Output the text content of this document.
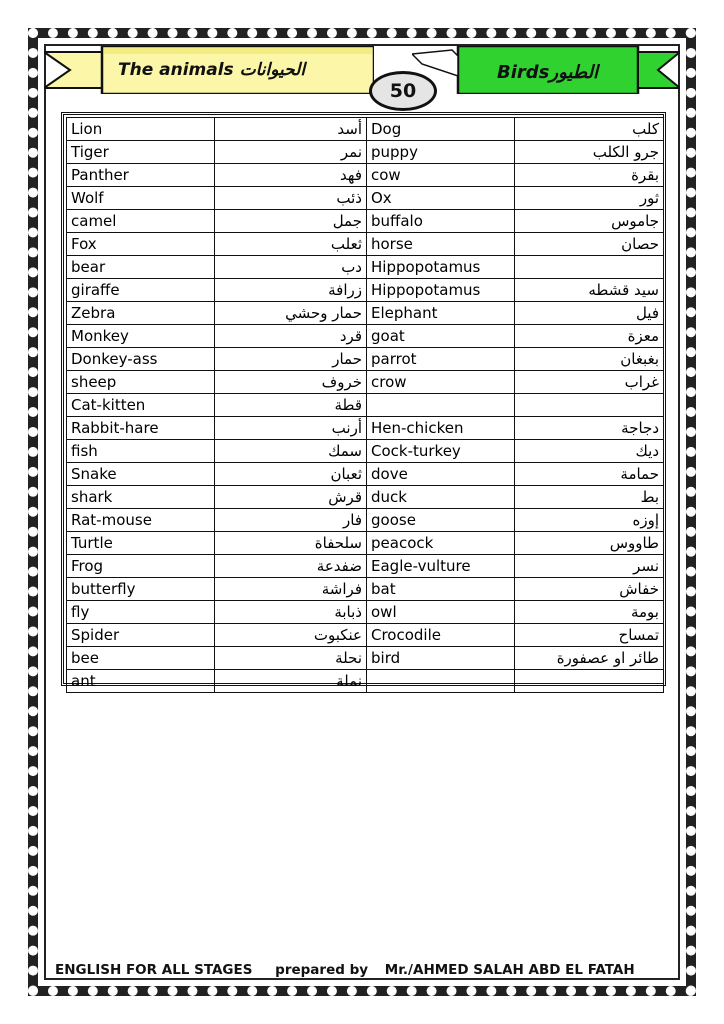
The animals الحيوانات	Birdsالطيور
50
Lion	أسد	Dog	كلب
Tiger	نمر	puppy	جرو الكلب
Panther	فهد	cow	بقرة
Wolf	ذئب	Ox	ثور
camel	جمل	buffalo	جاموس
Fox	ثعلب	horse	حصان
bear	دب	Hippopotamus	
giraffe	زرافة	Hippopotamus	سيد قشطه
Zebra	حمار وحشي	Elephant	فيل
Monkey	قرد	goat	معزة
Donkey-ass	حمار	parrot	بغبغان
sheep	خروف	crow	غراب
Cat-kitten	قطة		
Rabbit-hare	أرنب	Hen-chicken	دجاجة
fish	سمك	Cock-turkey	ديك
Snake	ثعبان	dove	حمامة
shark	قرش	duck	بط
Rat-mouse	فار	goose	إوزه
Turtle	سلحفاة	peacock	طاووس
Frog	ضفدعة	Eagle-vulture	نسر
butterfly	فراشة	bat	خفاش
fly	ذبابة	owl	بومة
Spider	عنكبوت	Crocodile	تمساح
bee	نحلة	bird	طائر او عصفورة
ant	نملة		
ENGLISH FOR ALL STAGES prepared by Mr./AHMED SALAH ABD EL FATAH
